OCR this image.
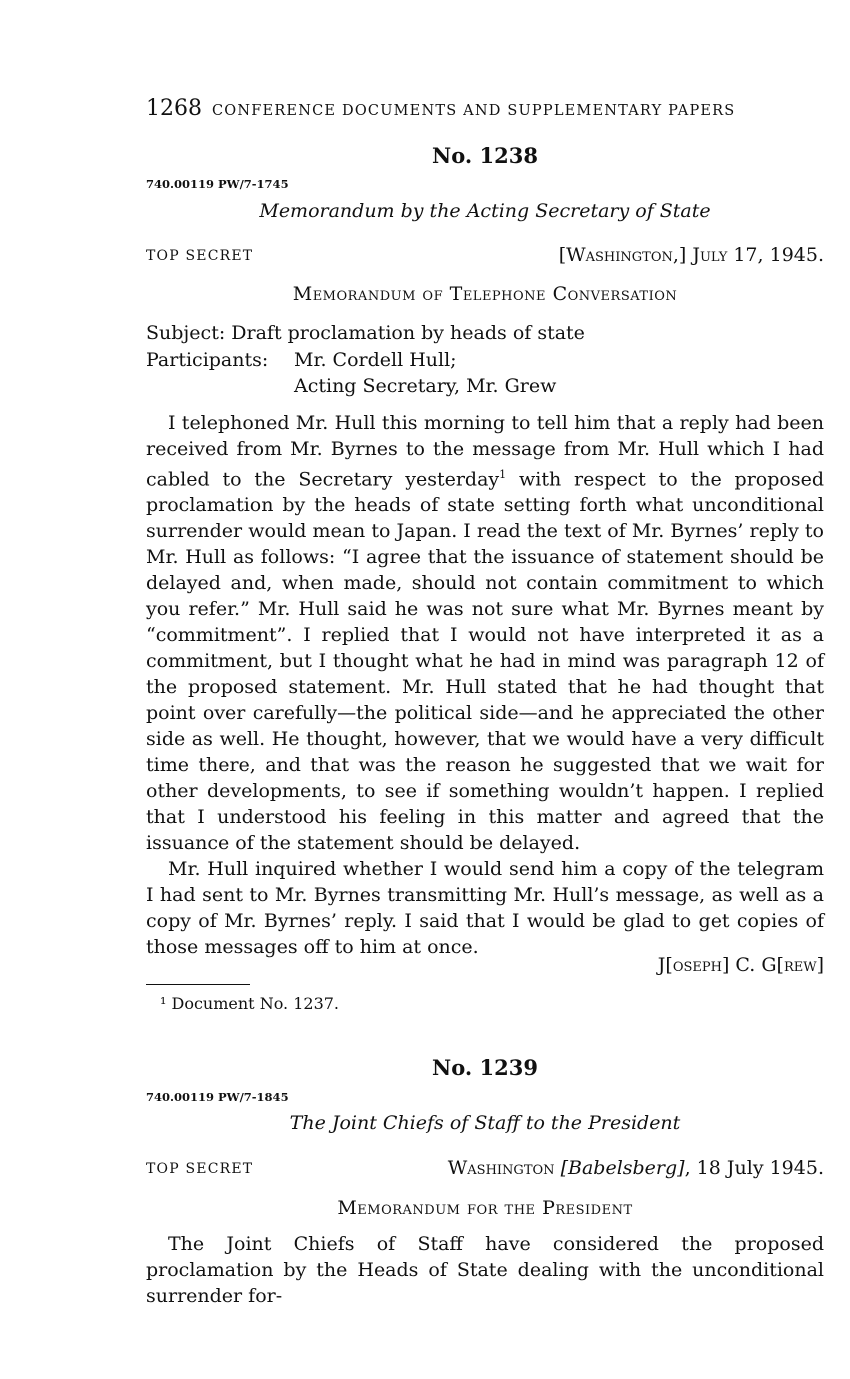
1268 CONFERENCE DOCUMENTS AND SUPPLEMENTARY PAPERS
No. 1238
740.00119 PW/7-1745
Memorandum by the Acting Secretary of State
TOP SECRET	[Washington,] July 17, 1945.
Memorandum of Telephone Conversation
Subject: Draft proclamation by heads of state
Participants: Mr. Cordell Hull;
Acting Secretary, Mr. Grew

I telephoned Mr. Hull this morning to tell him that a reply had been received from Mr. Byrnes to the message from Mr. Hull which I had cabled to the Secretary yesterday$^1$ with respect to the proposed proclamation by the heads of state setting forth what unconditional surrender would mean to Japan. I read the text of Mr. Byrnes’ reply to Mr. Hull as follows: “I agree that the issuance of statement should be delayed and, when made, should not contain commitment to which you refer.” Mr. Hull said he was not sure what Mr. Byrnes meant by “commitment”. I replied that I would not have interpreted it as a commitment, but I thought what he had in mind was paragraph 12 of the proposed statement. Mr. Hull stated that he had thought that point over carefully—the political side—and he appreciated the other side as well. He thought, however, that we would have a very difficult time there, and that was the reason he suggested that we wait for other developments, to see if something wouldn’t happen. I replied that I understood his feeling in this matter and agreed that the issuance of the statement should be delayed.

Mr. Hull inquired whether I would send him a copy of the telegram I had sent to Mr. Byrnes transmitting Mr. Hull’s message, as well as a copy of Mr. Byrnes’ reply. I said that I would be glad to get copies of those messages off to him at once.

J[oseph] C. G[rew]
¹ Document No. 1237.
No. 1239
740.00119 PW/7-1845
The Joint Chiefs of Staff to the President
TOP SECRET	Washington [Babelsberg], 18 July 1945.
Memorandum for the President

The Joint Chiefs of Staff have considered the proposed proclamation by the Heads of State dealing with the unconditional surrender for-
